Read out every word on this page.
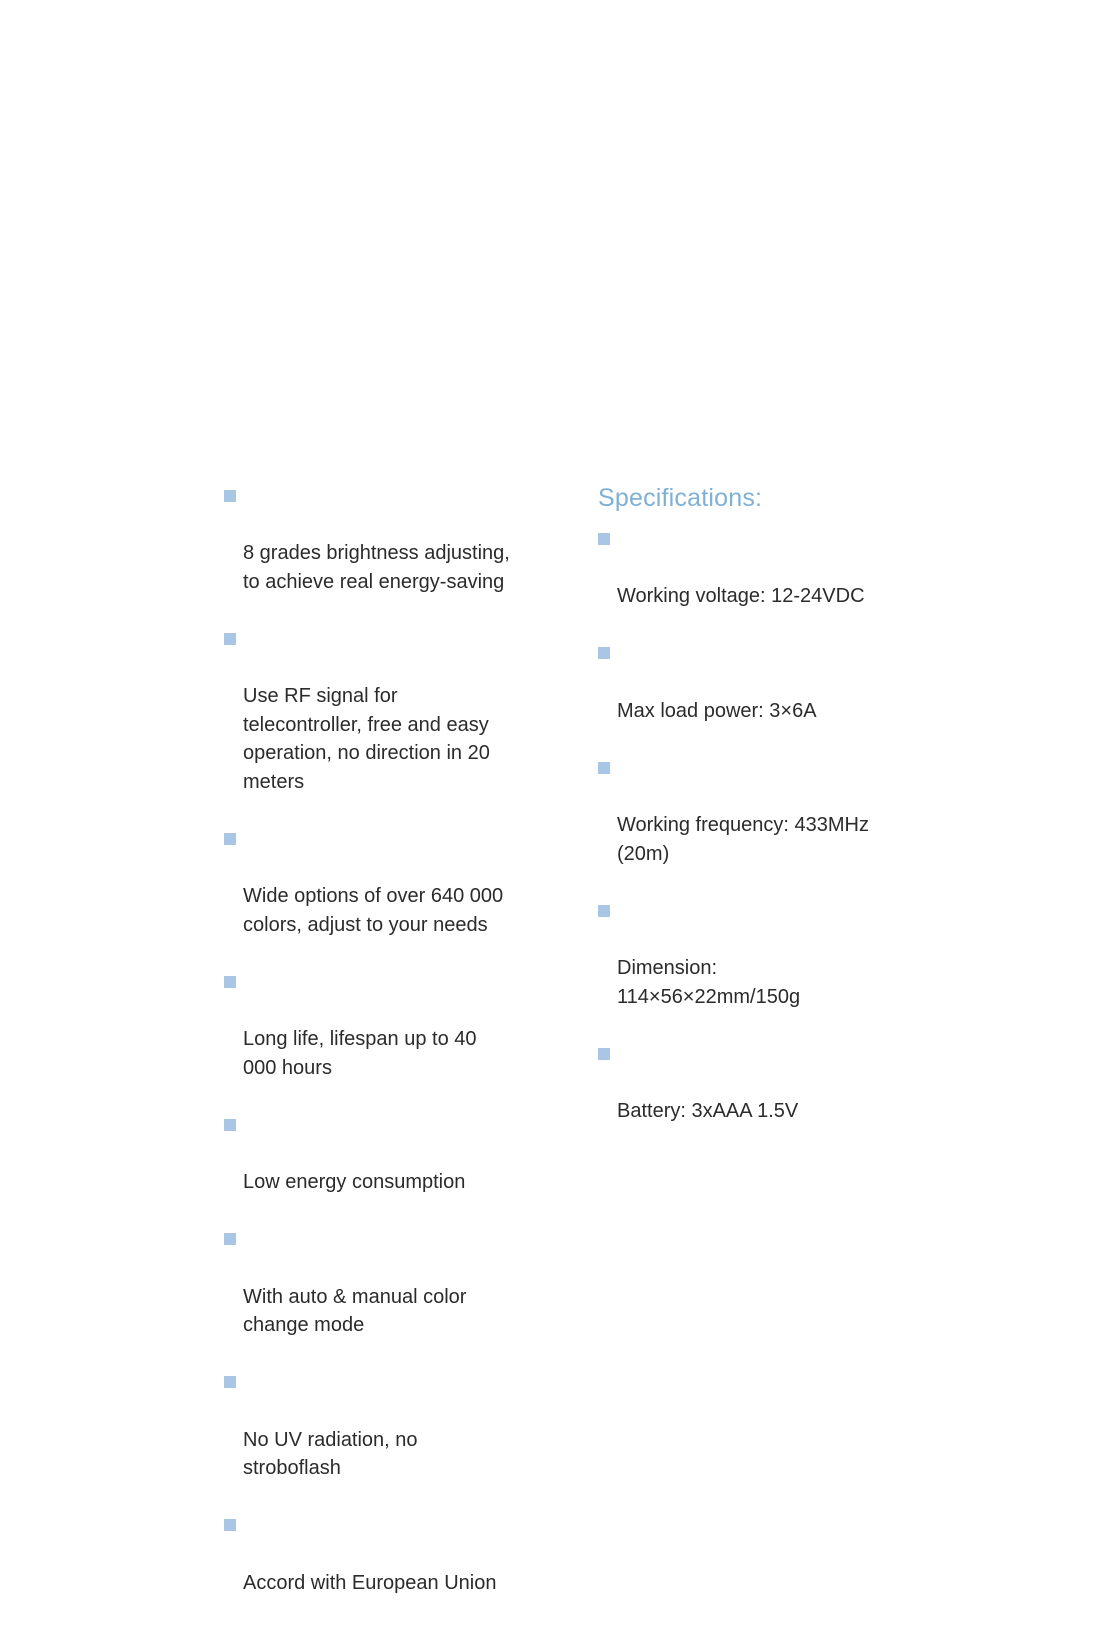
8 grades brightness adjusting,
to achieve real energy-saving

Use RF signal for
telecontroller, free and easy
operation, no direction in 20
meters

Wide options of over 640 000
colors, adjust to your needs

Long life, lifespan up to 40
000 hours

Low energy consumption

With auto & manual color
change mode

No UV radiation, no
stroboflash

Accord with European Union

Specifications:

Working voltage: 12-24VDC

Max load power: 3×6A

Working frequency: 433MHz
(20m)

Dimension:
114×56×22mm/150g

Battery: 3xAAA 1.5V
